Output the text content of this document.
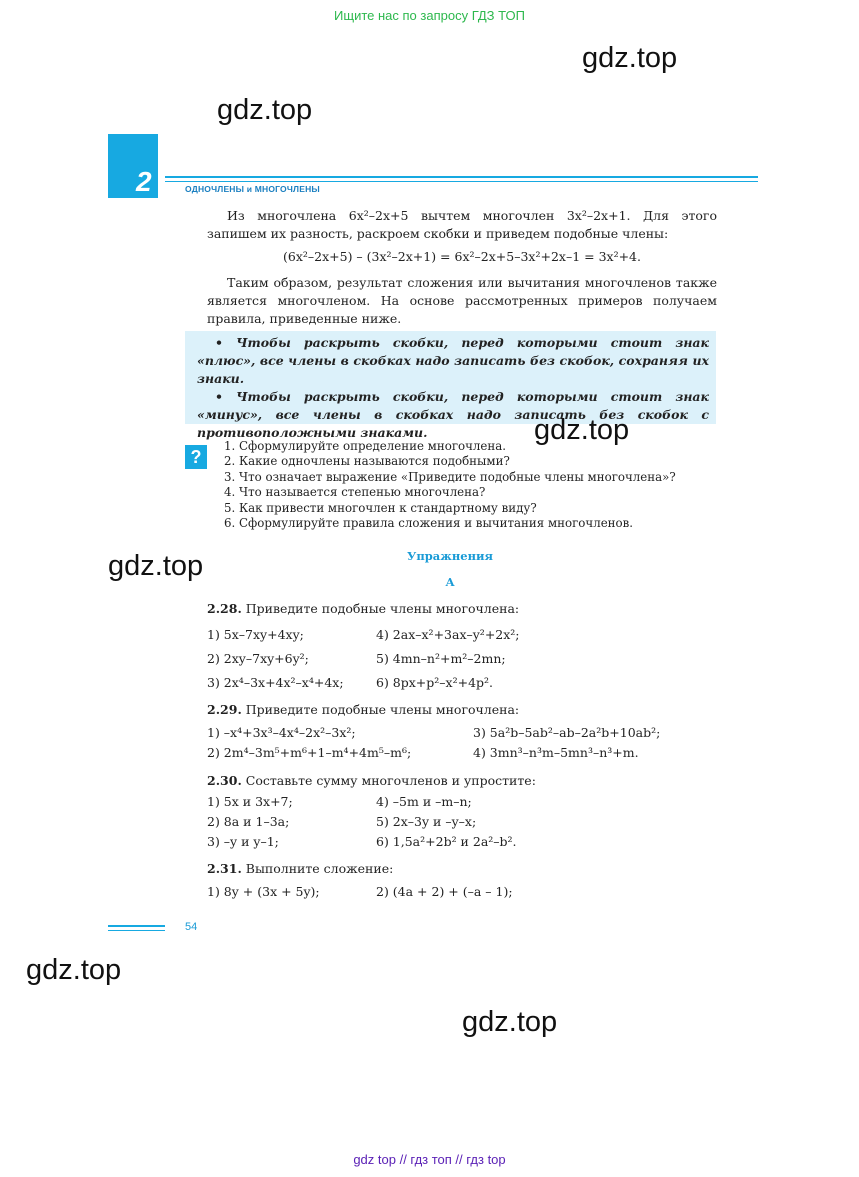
Ищите нас по запросу ГДЗ ТОП
gdz.top
gdz.top
2	ОДНОЧЛЕНЫ и МНОГОЧЛЕНЫ
Из многочлена 6x²–2x+5 вычтем многочлен 3x²–2x+1. Для этого запишем их разность, раскроем скобки и приведем подобные члены:
(6x²–2x+5) – (3x²–2x+1) = 6x²–2x+5–3x²+2x–1 = 3x²+4.
Таким образом, результат сложения или вычитания многочленов также является многочленом. На основе рассмотренных примеров получаем правила, приведенные ниже.

• Чтобы раскрыть скобки, перед которыми стоит знак «плюс», все члены в скобках надо записать без скобок, сохраняя их знаки.

• Чтобы раскрыть скобки, перед которыми стоит знак «минус», все члены в скобках надо записать без скобок с противоположными знаками.	gdz.top
?
1. Сформулируйте определение многочлена.
2. Какие одночлены называются подобными?
3. Что означает выражение «Приведите подобные члены многочлена»?
4. Что называется степенью многочлена?
5. Как привести многочлен к стандартному виду?
6. Сформулируйте правила сложения и вычитания многочленов.
gdz.top	Упражнения
А
2.28. Приведите подобные члены многочлена:
1) 5x–7xy+4xy;	4) 2ax–x²+3ax–y²+2x²;
2) 2xy–7xy+6y²;	5) 4mn–n²+m²–2mn;
3) 2x⁴–3x+4x²–x⁴+4x;	6) 8px+p²–x²+4p².
2.29. Приведите подобные члены многочлена:
1) –x⁴+3x³–4x⁴–2x²–3x²;	3) 5a²b–5ab²–ab–2a²b+10ab²;
2) 2m⁴–3m⁵+m⁶+1–m⁴+4m⁵–m⁶;	4) 3mn³–n³m–5mn³–n³+m.
2.30. Составьте сумму многочленов и упростите:
1) 5x и 3x+7;	4) –5m и –m–n;
2) 8a и 1–3a;	5) 2x–3y и –y–x;
3) –y и y–1;	6) 1,5a²+2b² и 2a²–b².
2.31. Выполните сложение:
1) 8y + (3x + 5y);	2) (4a + 2) + (–a – 1);
54
gdz.top
gdz.top
gdz top // гдз топ // гдз top
